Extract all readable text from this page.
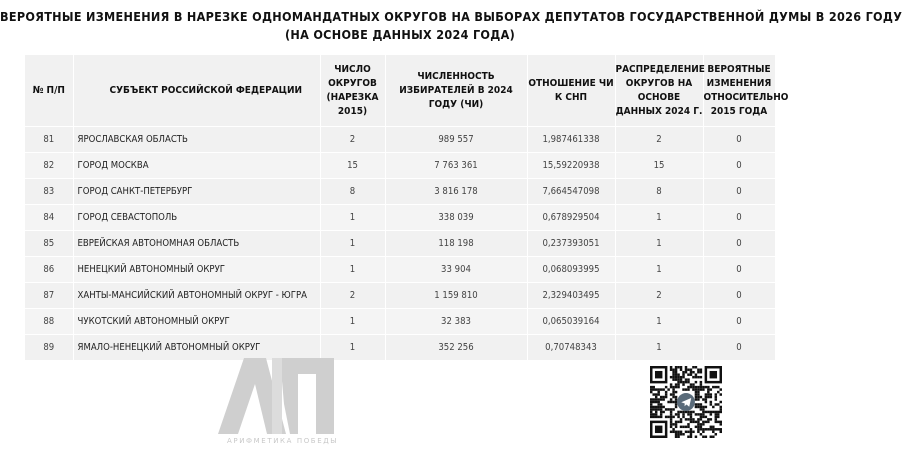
ВЕРОЯТНЫЕ ИЗМЕНЕНИЯ В НАРЕЗКЕ ОДНОМАНДАТНЫХ ОКРУГОВ НА ВЫБОРАХ ДЕПУТАТОВ ГОСУДАРСТВЕННОЙ ДУМЫ В 2026 ГОДУ
(НА ОСНОВЕ ДАННЫХ 2024 ГОДА)
№ П/П	СУБЪЕКТ РОССИЙСКОЙ ФЕДЕРАЦИИ	ЧИСЛО ОКРУГОВ (НАРЕЗКА 2015)	ЧИСЛЕННОСТЬ ИЗБИРАТЕЛЕЙ В 2024 ГОДУ (ЧИ)	ОТНОШЕНИЕ ЧИ К СНП	РАСПРЕДЕЛЕНИЕ ОКРУГОВ НА ОСНОВЕ ДАННЫХ 2024 Г.	ВЕРОЯТНЫЕ ИЗМЕНЕНИЯ ОТНОСИТЕЛЬНО 2015 ГОДА
81	ЯРОСЛАВСКАЯ ОБЛАСТЬ	2	989 557	1,987461338	2	0
82	ГОРОД МОСКВА	15	7 763 361	15,59220938	15	0
83	ГОРОД САНКТ-ПЕТЕРБУРГ	8	3 816 178	7,664547098	8	0
84	ГОРОД СЕВАСТОПОЛЬ	1	338 039	0,678929504	1	0
85	ЕВРЕЙСКАЯ АВТОНОМНАЯ ОБЛАСТЬ	1	118 198	0,237393051	1	0
86	НЕНЕЦКИЙ АВТОНОМНЫЙ ОКРУГ	1	33 904	0,068093995	1	0
87	ХАНТЫ-МАНСИЙСКИЙ АВТОНОМНЫЙ ОКРУГ - ЮГРА	2	1 159 810	2,329403495	2	0
88	ЧУКОТСКИЙ АВТОНОМНЫЙ ОКРУГ	1	32 383	0,065039164	1	0
89	ЯМАЛО-НЕНЕЦКИЙ АВТОНОМНЫЙ ОКРУГ	1	352 256	0,70748343	1	0
АРИФМЕТИКА ПОБЕДЫ
